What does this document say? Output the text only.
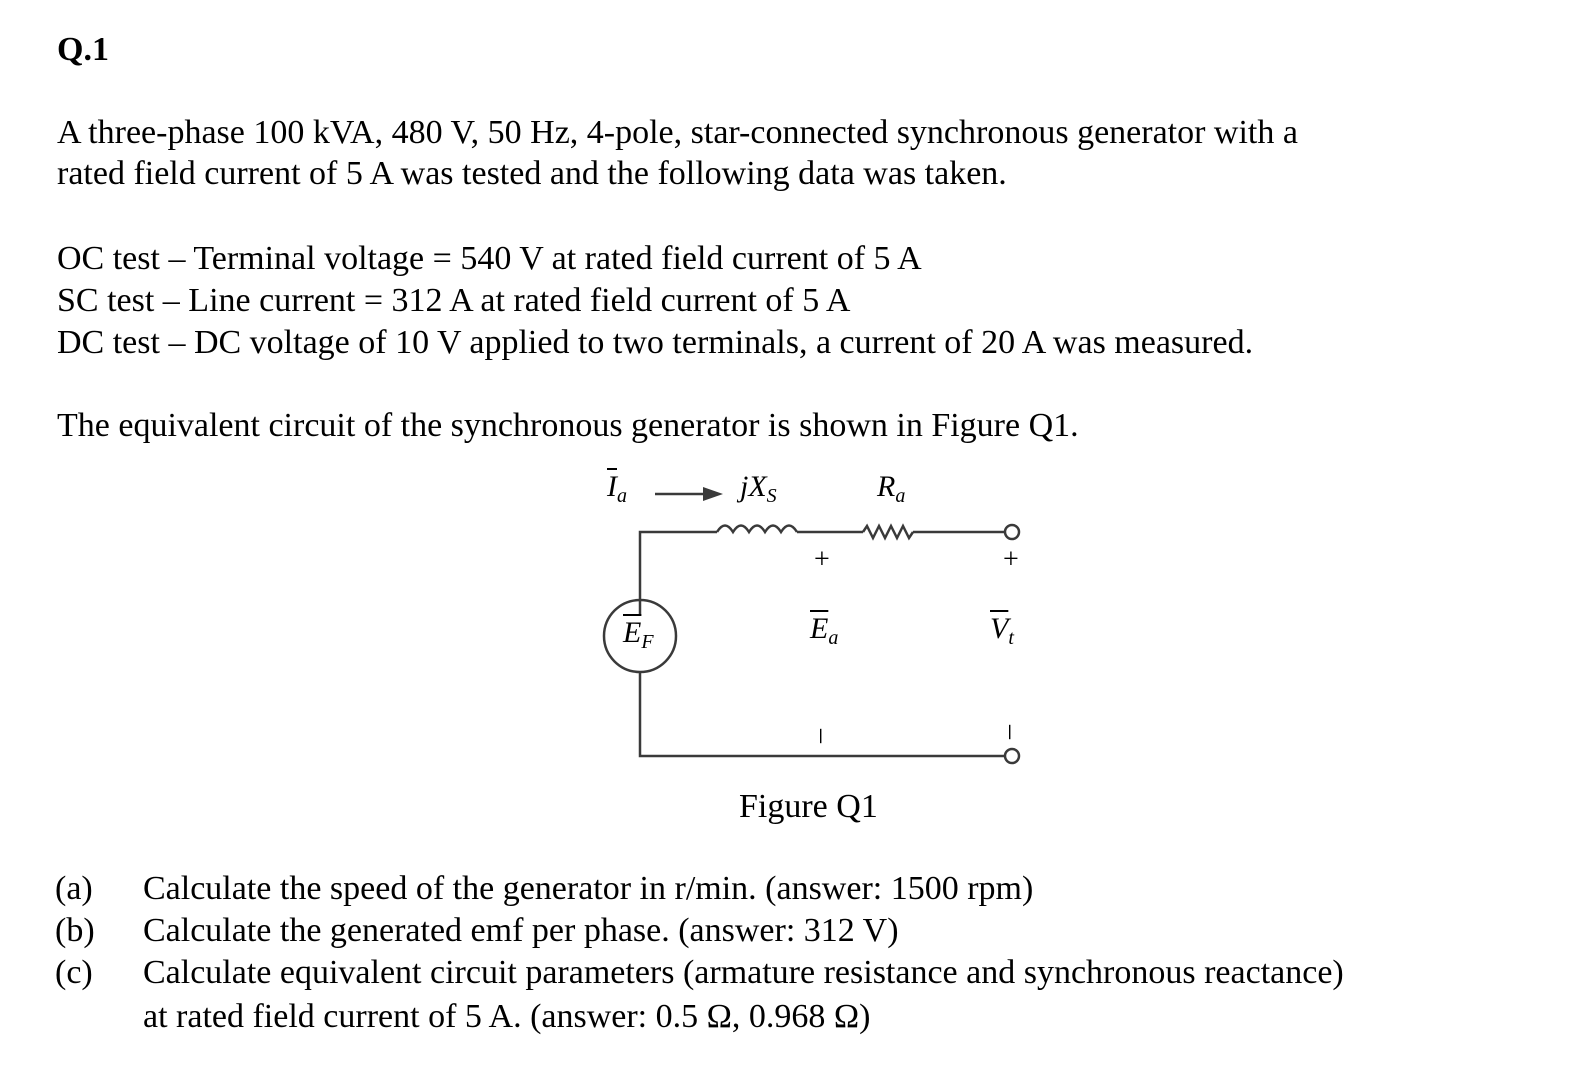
Q.1
A three-phase 100 kVA, 480 V, 50 Hz, 4-pole, star-connected synchronous generator with a
rated field current of 5 A was tested and the following data was taken.
OC test – Terminal voltage = 540 V at rated field current of 5 A
SC test – Line current = 312 A at rated field current of 5 A
DC test – DC voltage of 10 V applied to two terminals, a current of 20 A was measured.
The equivalent circuit of the synchronous generator is shown in Figure Q1.
$\overline{I}_a$	$jX_S$	$R_a$
+	+
$\overline{E}_F$	$\overline{E}_a$	$\overline{V}_t$
–	–
Figure Q1
(a) Calculate the speed of the generator in r/min. (answer: 1500 rpm)
(b) Calculate the generated emf per phase. (answer: 312 V)
(c) Calculate equivalent circuit parameters (armature resistance and synchronous reactance)
at rated field current of 5 A. (answer: 0.5 Ω, 0.968 Ω)
